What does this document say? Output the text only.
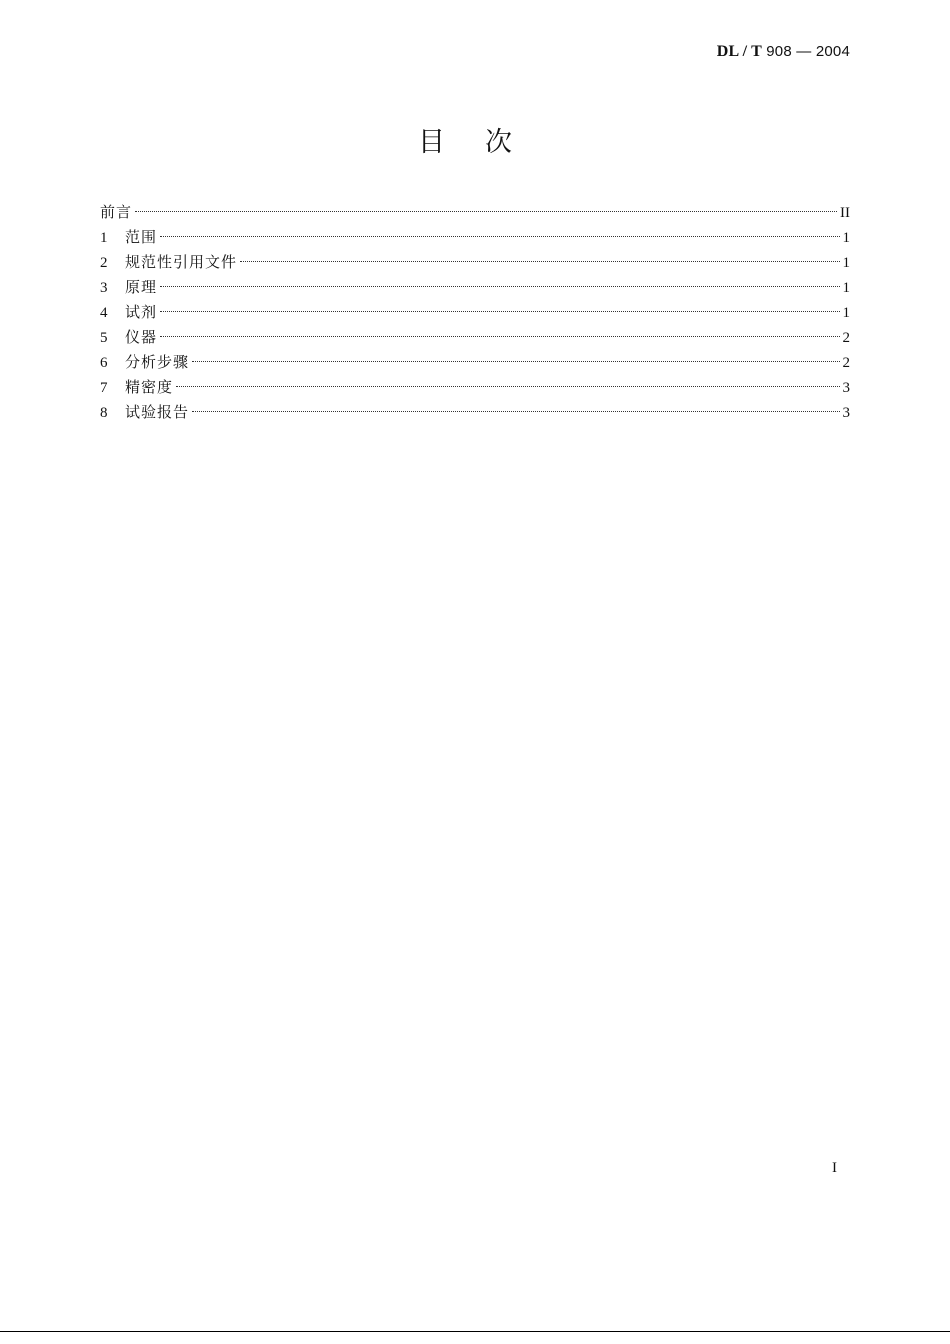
DL / T 908 — 2004
目次
前言	II
1	范围	1
2	规范性引用文件	1
3	原理	1
4	试剂	1
5	仪器	2
6	分析步骤	2
7	精密度	3
8	试验报告	3
I
